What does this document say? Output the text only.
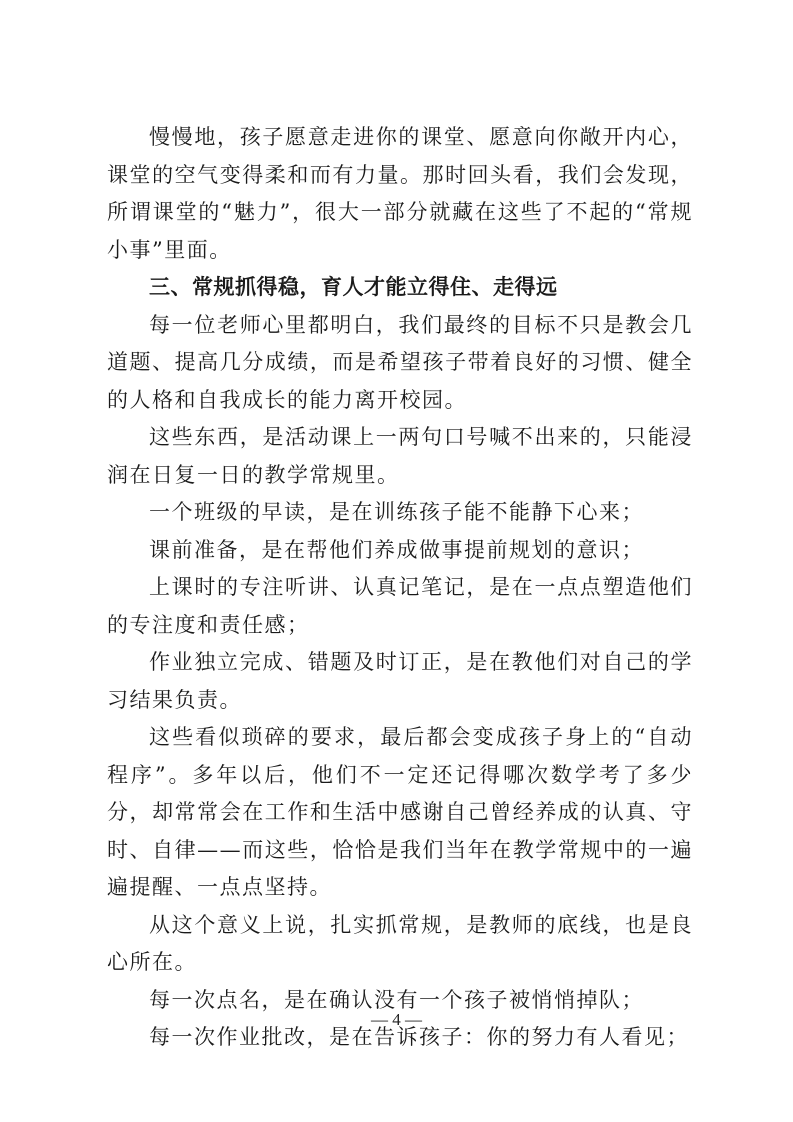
慢慢地，孩子愿意走进你的课堂、愿意向你敞开内心，课堂的空气变得柔和而有力量。那时回头看，我们会发现，所谓课堂的“魅力”，很大一部分就藏在这些了不起的“常规小事”里面。

三、常规抓得稳，育人才能立得住、走得远

每一位老师心里都明白，我们最终的目标不只是教会几道题、提高几分成绩，而是希望孩子带着良好的习惯、健全的人格和自我成长的能力离开校园。

这些东西，是活动课上一两句口号喊不出来的，只能浸润在日复一日的教学常规里。

一个班级的早读，是在训练孩子能不能静下心来；

课前准备，是在帮他们养成做事提前规划的意识；

上课时的专注听讲、认真记笔记，是在一点点塑造他们的专注度和责任感；

作业独立完成、错题及时订正，是在教他们对自己的学习结果负责。

这些看似琐碎的要求，最后都会变成孩子身上的“自动程序”。多年以后，他们不一定还记得哪次数学考了多少分，却常常会在工作和生活中感谢自己曾经养成的认真、守时、自律——而这些，恰恰是我们当年在教学常规中的一遍遍提醒、一点点坚持。

从这个意义上说，扎实抓常规，是教师的底线，也是良心所在。

每一次点名，是在确认没有一个孩子被悄悄掉队；

每一次作业批改，是在告诉孩子：你的努力有人看见；

— 4 —
